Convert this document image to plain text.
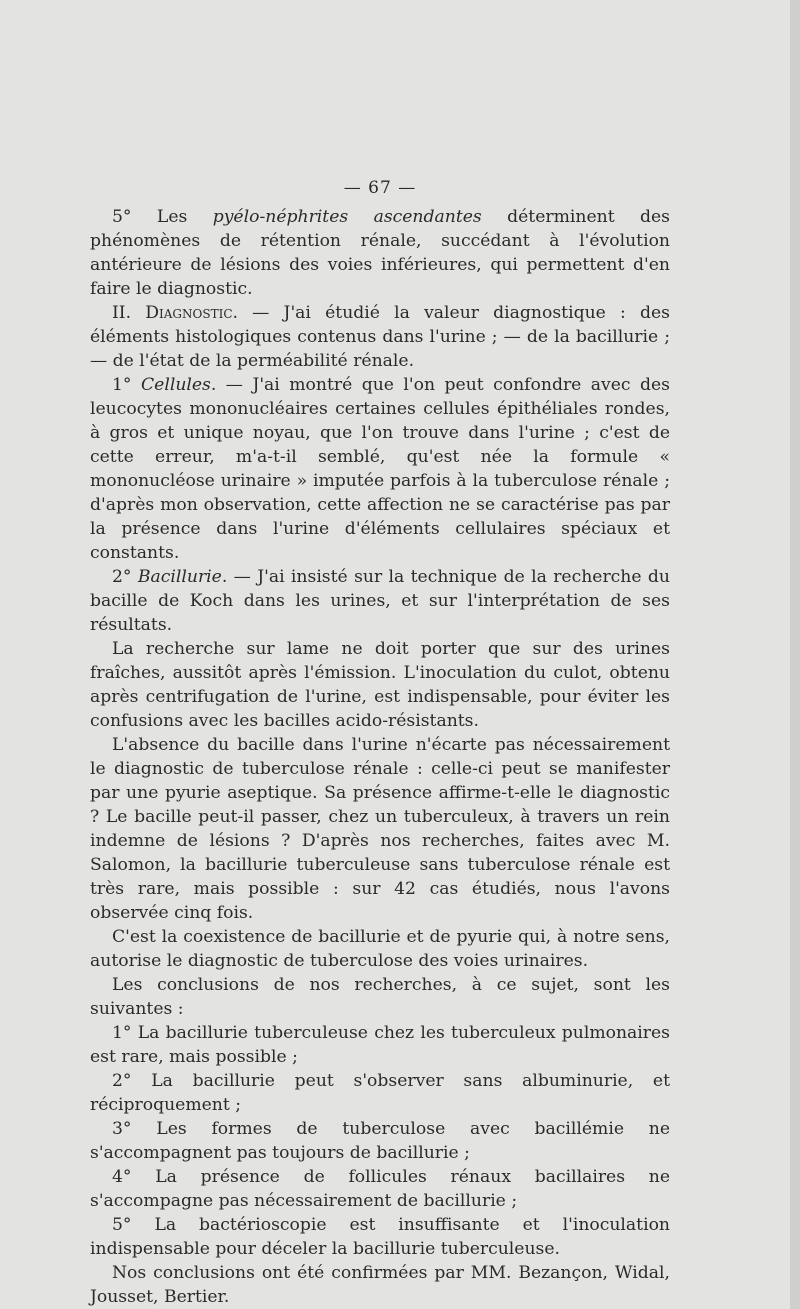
— 67 —

5° Les pyélo-néphrites ascendantes déterminent des phénomènes de rétention rénale, succédant à l'évolution antérieure de lésions des voies inférieures, qui permettent d'en faire le diagnostic.

II. Diagnostic. — J'ai étudié la valeur diagnostique : des éléments histologiques contenus dans l'urine ; — de la bacillurie ; — de l'état de la perméabilité rénale.

1° Cellules. — J'ai montré que l'on peut confondre avec des leucocytes mononucléaires certaines cellules épithéliales rondes, à gros et unique noyau, que l'on trouve dans l'urine ; c'est de cette erreur, m'a-t-il semblé, qu'est née la formule « mononucléose urinaire » imputée parfois à la tuberculose rénale ; d'après mon observation, cette affection ne se caractérise pas par la présence dans l'urine d'éléments cellulaires spéciaux et constants.

2° Bacillurie. — J'ai insisté sur la technique de la recherche du bacille de Koch dans les urines, et sur l'interprétation de ses résultats.

La recherche sur lame ne doit porter que sur des urines fraîches, aussitôt après l'émission. L'inoculation du culot, obtenu après centrifugation de l'urine, est indispensable, pour éviter les confusions avec les bacilles acido-résistants.

L'absence du bacille dans l'urine n'écarte pas nécessairement le diagnostic de tuberculose rénale : celle-ci peut se manifester par une pyurie aseptique. Sa présence affirme-t-elle le diagnostic ? Le bacille peut-il passer, chez un tuberculeux, à travers un rein indemne de lésions ? D'après nos recherches, faites avec M. Salomon, la bacillurie tuberculeuse sans tuberculose rénale est très rare, mais possible : sur 42 cas étudiés, nous l'avons observée cinq fois.

C'est la coexistence de bacillurie et de pyurie qui, à notre sens, autorise le diagnostic de tuberculose des voies urinaires.

Les conclusions de nos recherches, à ce sujet, sont les suivantes :

1° La bacillurie tuberculeuse chez les tuberculeux pulmonaires est rare, mais possible ;

2° La bacillurie peut s'observer sans albuminurie, et réciproquement ;

3° Les formes de tuberculose avec bacillémie ne s'accompagnent pas toujours de bacillurie ;

4° La présence de follicules rénaux bacillaires ne s'accompagne pas nécessairement de bacillurie ;

5° La bactérioscopie est insuffisante et l'inoculation indispensable pour déceler la bacillurie tuberculeuse.

Nos conclusions ont été confirmées par MM. Bezançon, Widal, Jousset, Bertier.
